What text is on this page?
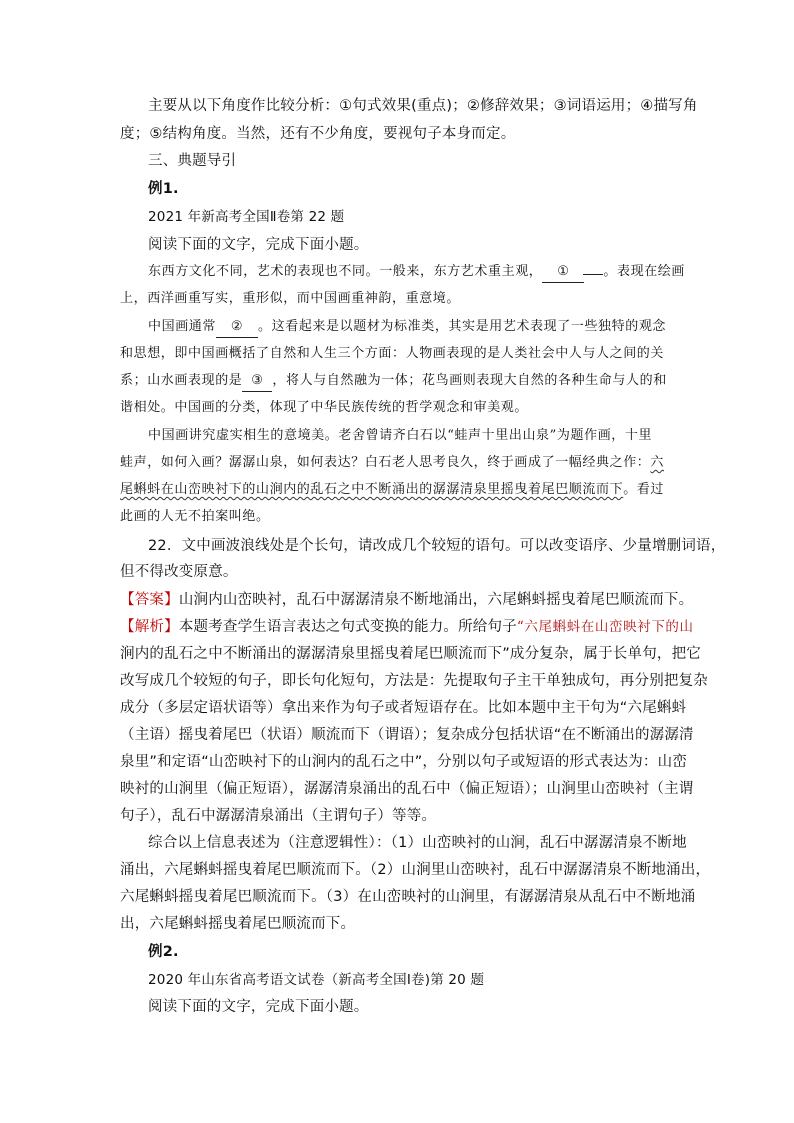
主要从以下角度作比较分析：①句式效果(重点)；②修辞效果；③词语运用；④描写角
度；⑤结构角度。当然，还有不少角度，要视句子本身而定。
三、典题导引
例1.
2021 年新高考全国Ⅱ卷第 22 题
阅读下面的文字，完成下面小题。
东西方文化不同，艺术的表现也不同。一般来，东方艺术重主观， ①	。表现在绘画
上，西洋画重写实，重形似，而中国画重神韵，重意境。
中国画通常 ② 。这看起来是以题材为标准类，其实是用艺术表现了一些独特的观念
和思想，即中国画概括了自然和人生三个方面：人物画表现的是人类社会中人与人之间的关
系；山水画表现的是 ③ ，将人与自然融为一体；花鸟画则表现大自然的各种生命与人的和
谐相处。中国画的分类，体现了中华民族传统的哲学观念和审美观。
中国画讲究虚实相生的意境美。老舍曾请齐白石以“蛙声十里出山泉”为题作画，十里
蛙声，如何入画？潺潺山泉，如何表达？白石老人思考良久，终于画成了一幅经典之作：六
尾蝌蚪在山峦映衬下的山涧内的乱石之中不断涌出的潺潺清泉里摇曳着尾巴顺流而下。看过
此画的人无不拍案叫绝。
22．文中画波浪线处是个长句，请改成几个较短的语句。可以改变语序、少量增删词语，
但不得改变原意。
【答案】山涧内山峦映衬，乱石中潺潺清泉不断地涌出，六尾蝌蚪摇曳着尾巴顺流而下。
【解析】本题考查学生语言表达之句式变换的能力。所给句子“六尾蝌蚪在山峦映衬下的山
涧内的乱石之中不断涌出的潺潺清泉里摇曳着尾巴顺流而下”成分复杂，属于长单句，把它
改写成几个较短的句子，即长句化短句，方法是：先提取句子主干单独成句，再分别把复杂
成分（多层定语状语等）拿出来作为句子或者短语存在。比如本题中主干句为“六尾蝌蚪
（主语）摇曳着尾巴（状语）顺流而下（谓语）；复杂成分包括状语“在不断涌出的潺潺清
泉里”和定语“山峦映衬下的山涧内的乱石之中”，分别以句子或短语的形式表达为：山峦
映衬的山涧里（偏正短语），潺潺清泉涌出的乱石中（偏正短语）；山涧里山峦映衬（主谓
句子），乱石中潺潺清泉涌出（主谓句子）等等。
综合以上信息表述为（注意逻辑性）：（1）山峦映衬的山涧，乱石中潺潺清泉不断地
涌出，六尾蝌蚪摇曳着尾巴顺流而下。（2）山涧里山峦映衬，乱石中潺潺清泉不断地涌出，
六尾蝌蚪摇曳着尾巴顺流而下。（3）在山峦映衬的山涧里，有潺潺清泉从乱石中不断地涌
出，六尾蝌蚪摇曳着尾巴顺流而下。
例2.
2020 年山东省高考语文试卷（新高考全国Ⅰ卷)第 20 题
阅读下面的文字，完成下面小题。
